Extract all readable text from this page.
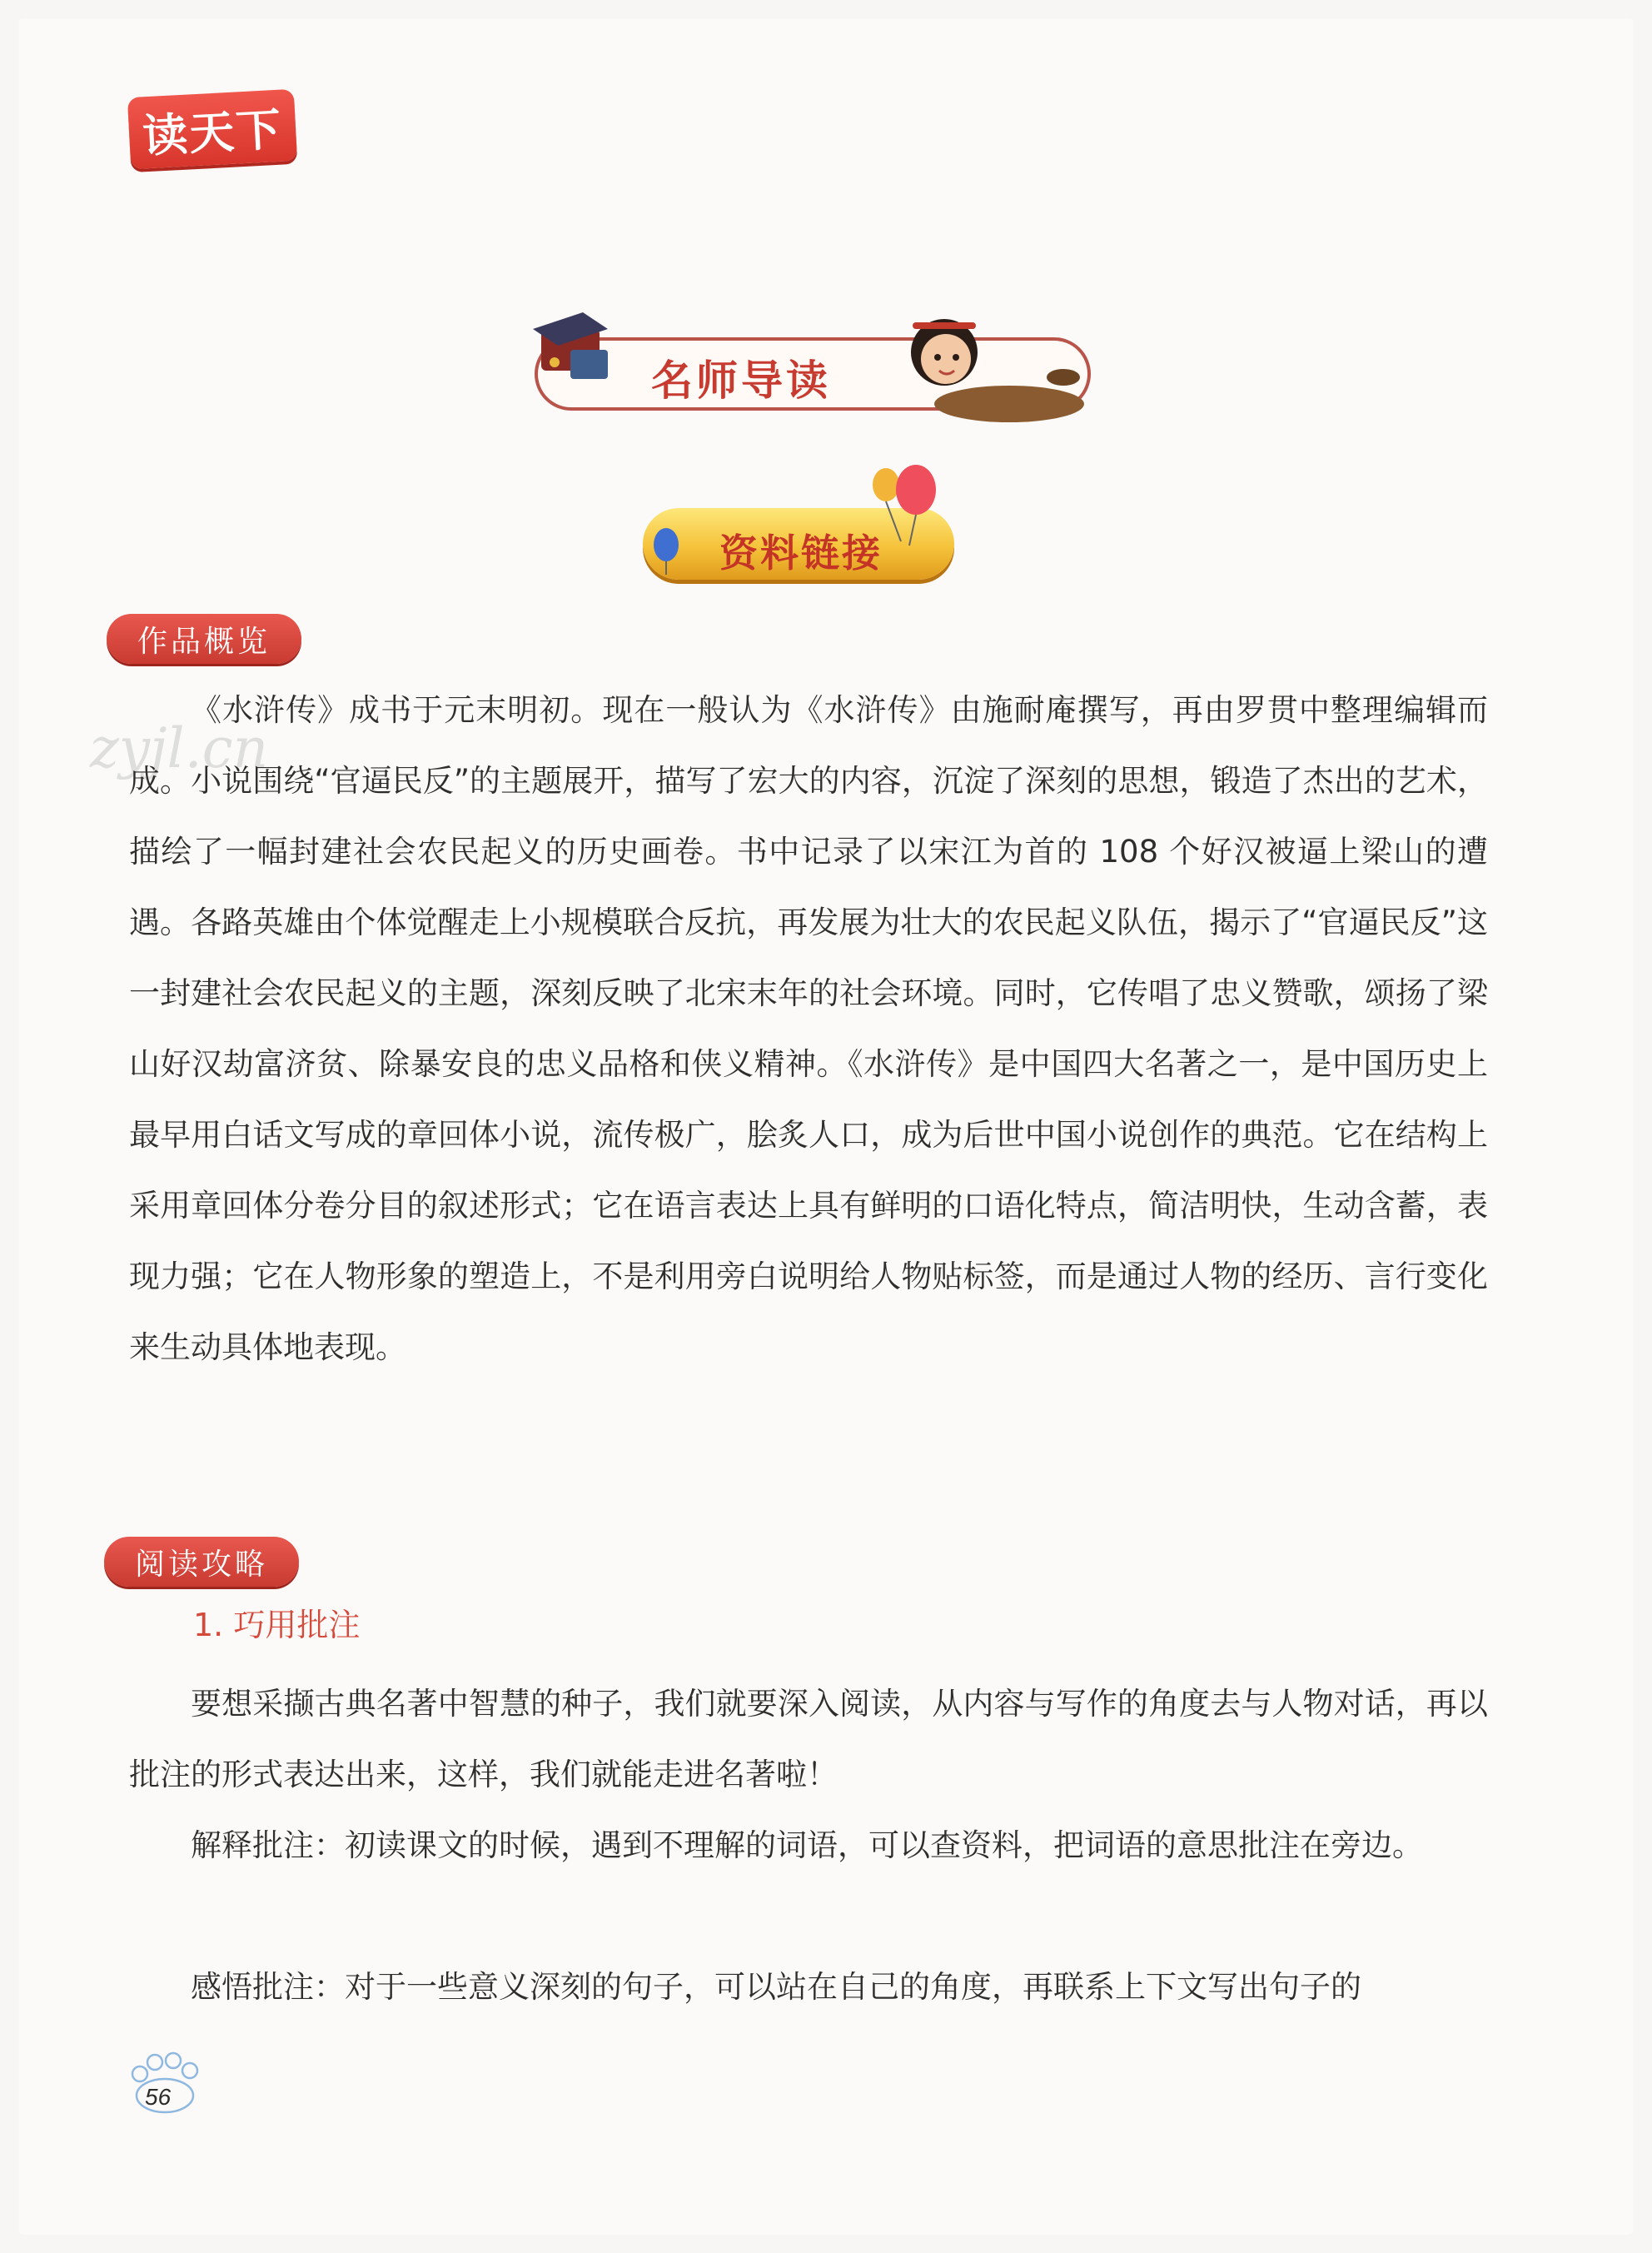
读天下
名师导读
资料链接
作品概览
zyjl.cn
《水浒传》成书于元末明初。现在一般认为《水浒传》由施耐庵撰写，再由罗贯中整理编辑而成。小说围绕“官逼民反”的主题展开，描写了宏大的内容，沉淀了深刻的思想，锻造了杰出的艺术，描绘了一幅封建社会农民起义的历史画卷。书中记录了以宋江为首的 108 个好汉被逼上梁山的遭遇。各路英雄由个体觉醒走上小规模联合反抗，再发展为壮大的农民起义队伍，揭示了“官逼民反”这一封建社会农民起义的主题，深刻反映了北宋末年的社会环境。同时，它传唱了忠义赞歌，颂扬了梁山好汉劫富济贫、除暴安良的忠义品格和侠义精神。《水浒传》是中国四大名著之一，是中国历史上最早用白话文写成的章回体小说，流传极广，脍炙人口，成为后世中国小说创作的典范。它在结构上采用章回体分卷分目的叙述形式；它在语言表达上具有鲜明的口语化特点，简洁明快，生动含蓄，表现力强；它在人物形象的塑造上，不是利用旁白说明给人物贴标签，而是通过人物的经历、言行变化来生动具体地表现。
阅读攻略
1. 巧用批注
要想采撷古典名著中智慧的种子，我们就要深入阅读，从内容与写作的角度去与人物对话，再以批注的形式表达出来，这样，我们就能走进名著啦！
解释批注：初读课文的时候，遇到不理解的词语，可以查资料，把词语的意思批注在旁边。
感悟批注：对于一些意义深刻的句子，可以站在自己的角度，再联系上下文写出句子的
56
